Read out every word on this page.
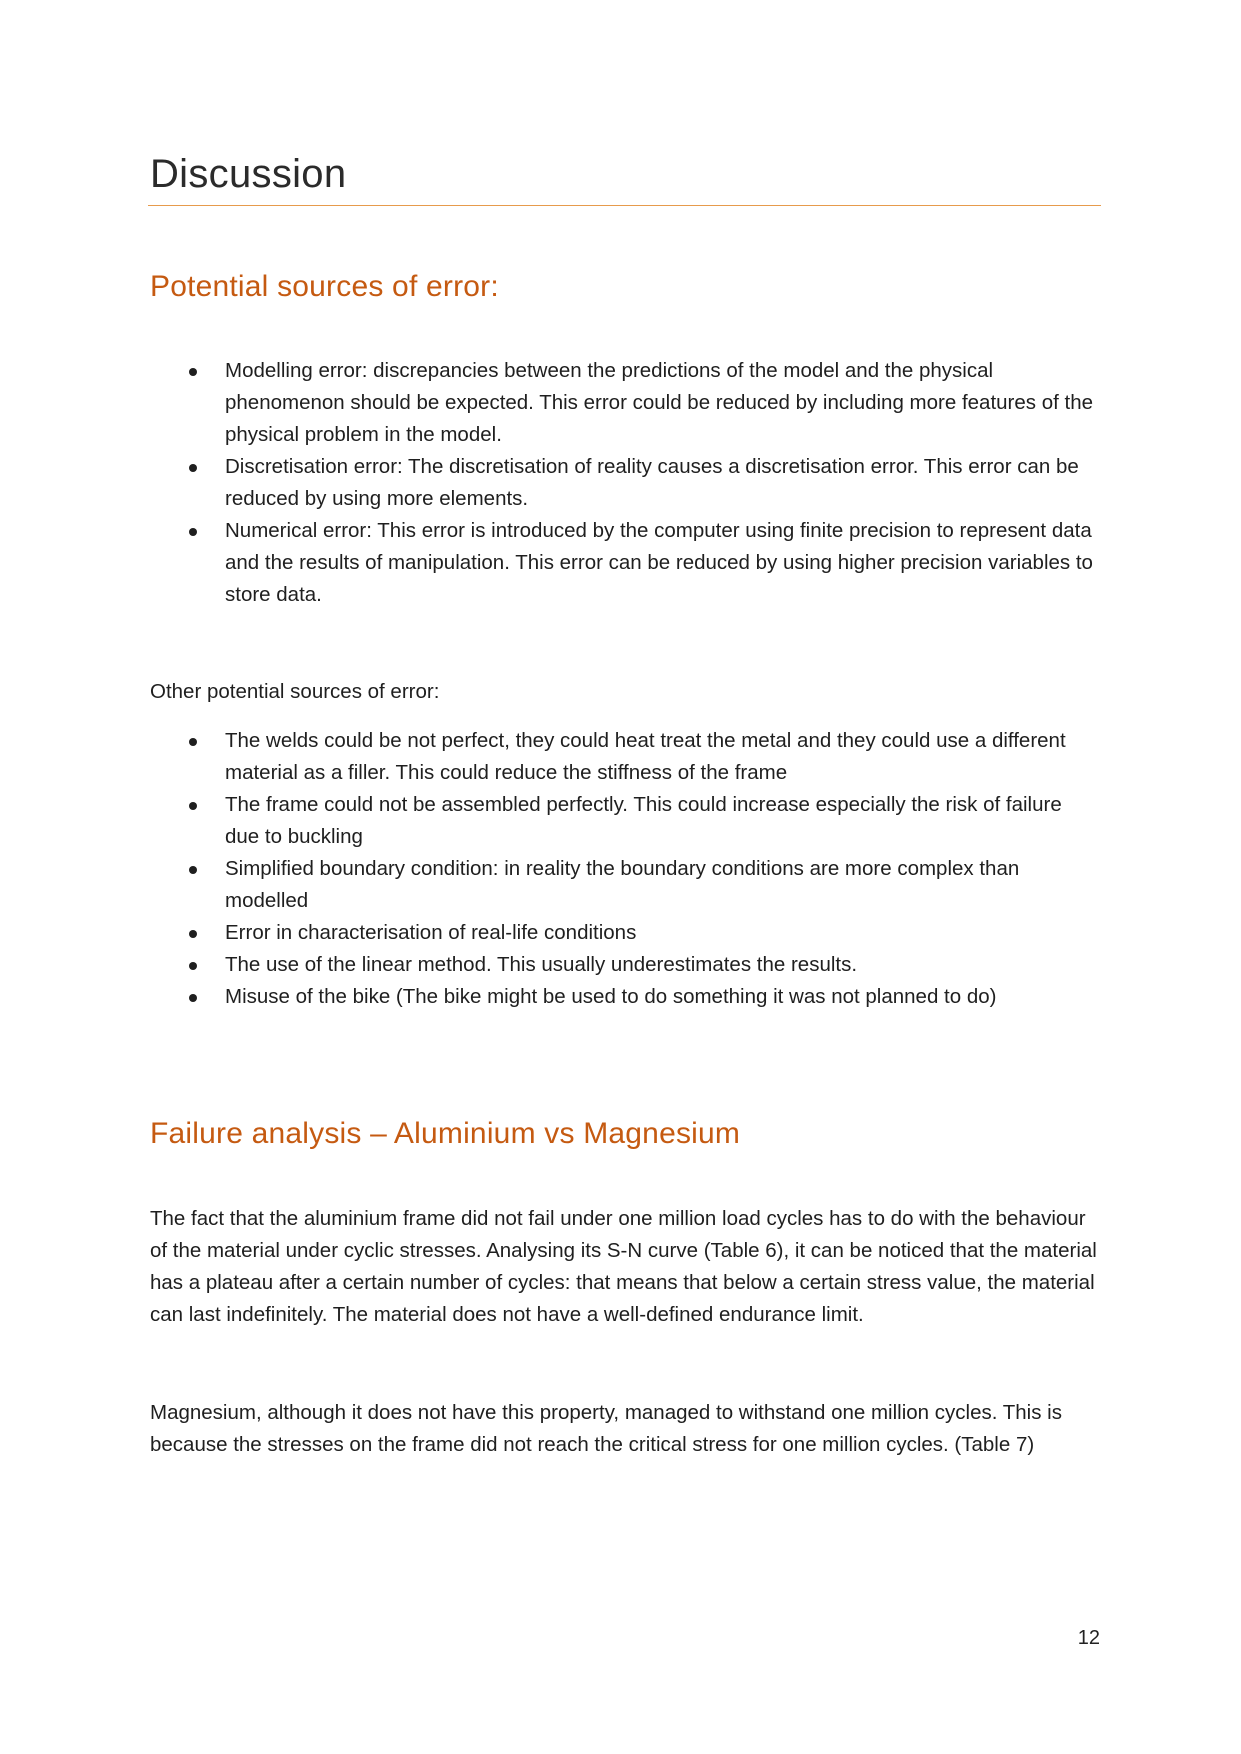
Discussion
Potential sources of error:
Modelling error: discrepancies between the predictions of the model and the physical phenomenon should be expected. This error could be reduced by including more features of the physical problem in the model.
Discretisation error: The discretisation of reality causes a discretisation error. This error can be reduced by using more elements.
Numerical error: This error is introduced by the computer using finite precision to represent data and the results of manipulation. This error can be reduced by using higher precision variables to store data.

Other potential sources of error:

The welds could be not perfect, they could heat treat the metal and they could use a different material as a filler. This could reduce the stiffness of the frame
The frame could not be assembled perfectly. This could increase especially the risk of failure due to buckling
Simplified boundary condition: in reality the boundary conditions are more complex than modelled
Error in characterisation of real-life conditions
The use of the linear method. This usually underestimates the results.
Misuse of the bike (The bike might be used to do something it was not planned to do)
Failure analysis – Aluminium vs Magnesium

The fact that the aluminium frame did not fail under one million load cycles has to do with the behaviour of the material under cyclic stresses. Analysing its S-N curve (Table 6), it can be noticed that the material has a plateau after a certain number of cycles: that means that below a certain stress value, the material can last indefinitely. The material does not have a well-defined endurance limit.

Magnesium, although it does not have this property, managed to withstand one million cycles. This is because the stresses on the frame did not reach the critical stress for one million cycles. (Table 7)

12
